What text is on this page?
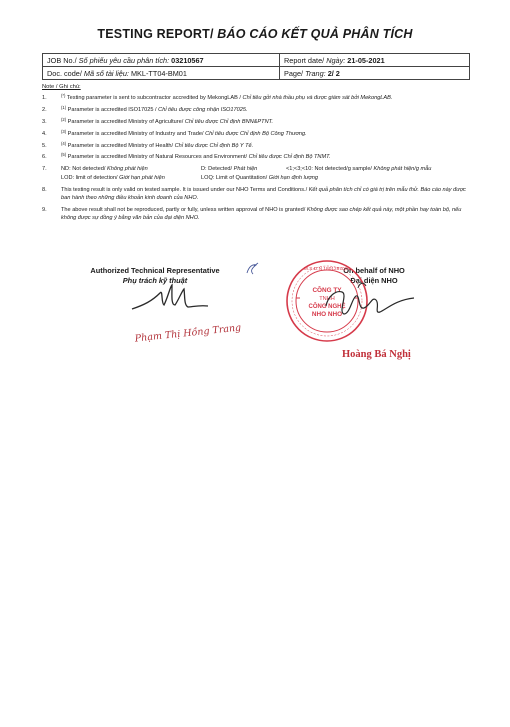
TESTING REPORT/ BÁO CÁO KẾT QUẢ PHÂN TÍCH
JOB No./ Số phiếu yêu cầu phân tích: 03210567	Report date/ Ngày: 21-05-2021
Doc. code/ Mã số tài liệu: MKL-TT04-BM01	Page/ Trang: 2/ 2
Note / Ghi chú:
1.	(*) Testing parameter is sent to subcontractor accredited by MekongLAB / Chỉ tiêu gởi nhà thầu phụ và được giám sát bởi MekongLAB.
2.	$^{(1)}$ Parameter is accredited ISO17025 / Chỉ tiêu được công nhận ISO17025.
3.	$^{(2)}$ Parameter is accredited Ministry of Agriculture/ Chỉ tiêu được Chỉ định BNN&PTNT.
4.	$^{(3)}$ Parameter is accredited Ministry of Industry and Trade/ Chỉ tiêu được Chỉ định Bộ Công Thương.
5.	$^{(4)}$ Parameter is accredited Ministry of Health/ Chỉ tiêu được Chỉ định Bộ Y Tế.
6.	$^{(5)}$ Parameter is accredited Ministry of Natural Resources and Environment/ Chỉ tiêu được Chỉ định Bộ TNMT.
7.	ND: Not detected/ Không phát hiện	D: Detected/ Phát hiện	<1;<3;<10: Not detected/g sample/ Không phát hiện/g mẫu
LOD: limit of detection/ Giới hạn phát hiện	LOQ: Limit of Quantitation/ Giới hạn định lượng
8.	This testing result is only valid on tested sample. It is issued under our NHO Terms and Conditions./ Kết quả phân tích chỉ có giá trị trên mẫu thử. Báo cáo này được ban hành theo những điều khoản kinh doanh của NHO.
9.	The above result shall not be reproduced, partly or fully, unless written approval of NHO is granted/ Không được sao chép kết quả này, một phần hay toàn bộ, nếu không được sự đồng ý bằng văn bản của đại diện NHO.
Authorized Technical Representative
Phụ trách kỹ thuật
On behalf of NHO
Đại diện NHO
Phạm Thị Hồng Trang
CÔNG TY
TNHH
CÔNG NGHỆ
NHO NHO
M.S.D.N 1801287068
Hoàng Bá Nghị
